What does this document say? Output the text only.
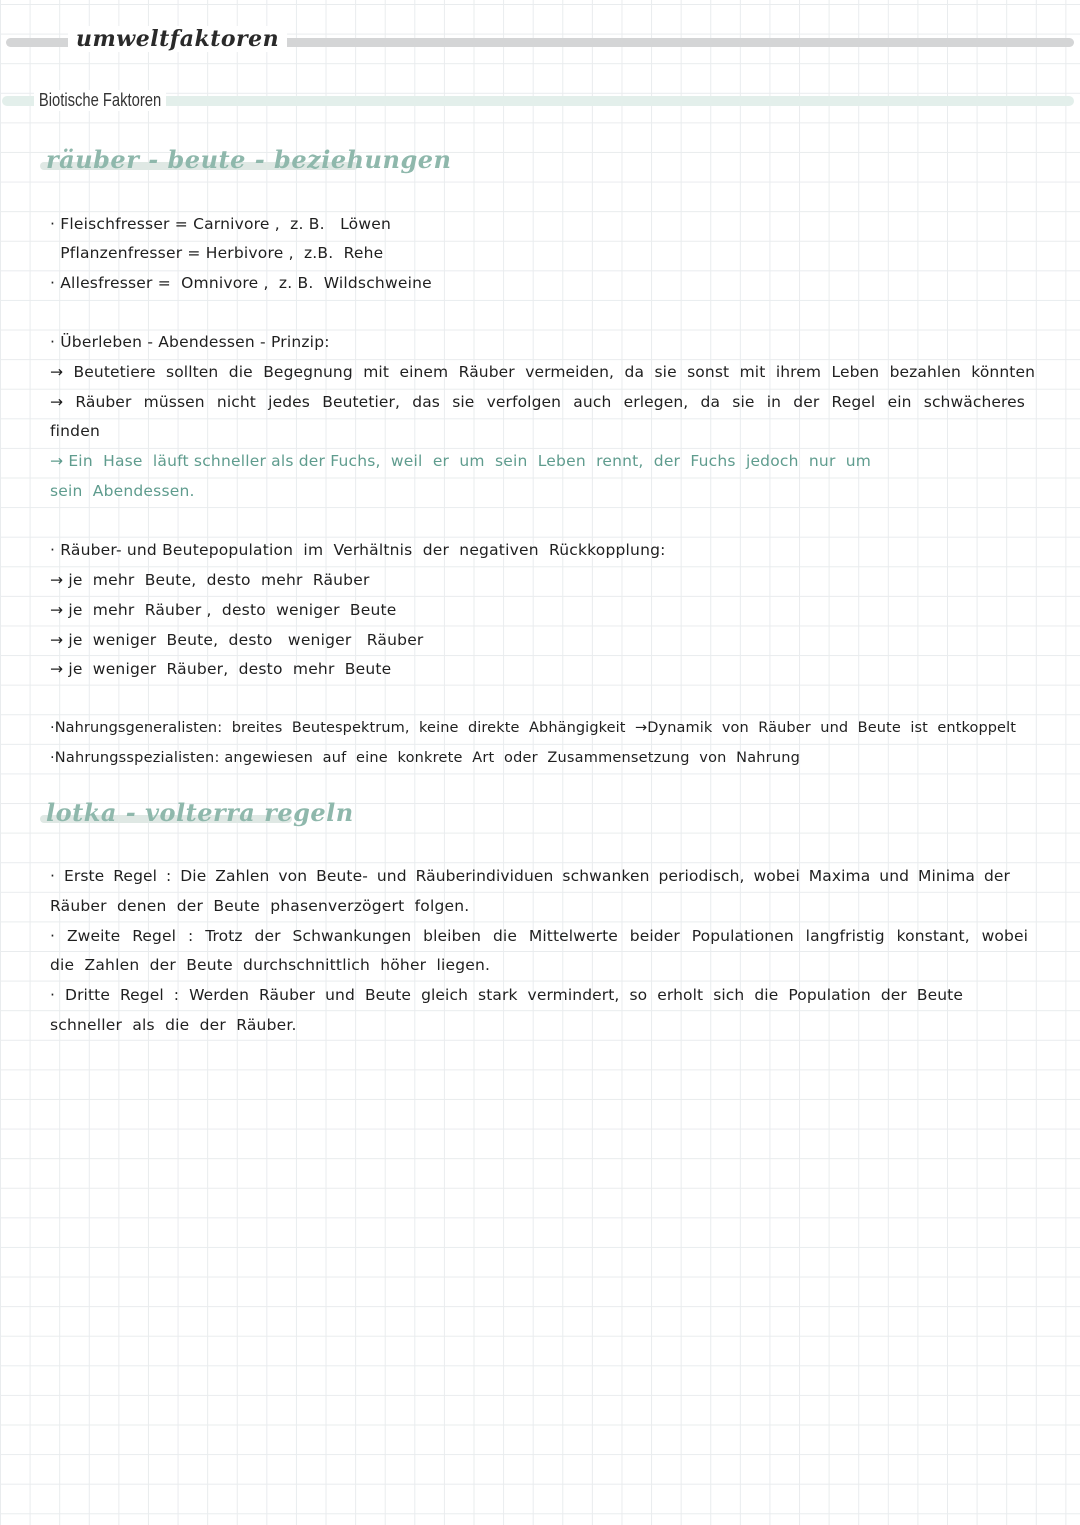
umweltfaktoren
Biotische Faktoren
räuber - beute - beziehungen
· Fleischfresser = Carnivore ,  z. B.   Löwen
Pflanzenfresser = Herbivore ,  z.B.  Rehe
· Allesfresser =  Omnivore ,  z. B.  Wildschweine
· Überleben - Abendessen - Prinzip:
→ Beutetiere sollten die Begegnung mit einem Räuber vermeiden, da sie sonst mit ihrem Leben bezahlen könnten
→ Räuber müssen nicht jedes Beutetier, das sie verfolgen auch erlegen, da sie in der Regel ein schwächeres
finden
→ Ein  Hase  läuft schneller als der Fuchs,  weil  er  um  sein  Leben  rennt,  der  Fuchs  jedoch  nur  um
sein  Abendessen.
· Räuber- und Beutepopulation  im  Verhältnis  der  negativen  Rückkopplung:
→ je  mehr  Beute,  desto  mehr  Räuber
→ je  mehr  Räuber ,  desto  weniger  Beute
→ je  weniger  Beute,  desto   weniger   Räuber
→ je  weniger  Räuber,  desto  mehr  Beute
·Nahrungsgeneralisten: breites Beutespektrum, keine direkte Abhängigkeit →Dynamik von Räuber und Beute ist entkoppelt
·Nahrungsspezialisten: angewiesen  auf  eine  konkrete  Art  oder  Zusammensetzung  von  Nahrung
lotka - volterra regeln
· Erste Regel : Die Zahlen von Beute- und Räuberindividuen schwanken periodisch, wobei Maxima und Minima der
Räuber  denen  der  Beute  phasenverzögert  folgen.
· Zweite Regel : Trotz der Schwankungen bleiben die Mittelwerte beider Populationen langfristig konstant, wobei
die  Zahlen  der  Beute  durchschnittlich  höher  liegen.
· Dritte Regel : Werden Räuber und Beute gleich stark vermindert, so erholt sich die Population der Beute
schneller  als  die  der  Räuber.
